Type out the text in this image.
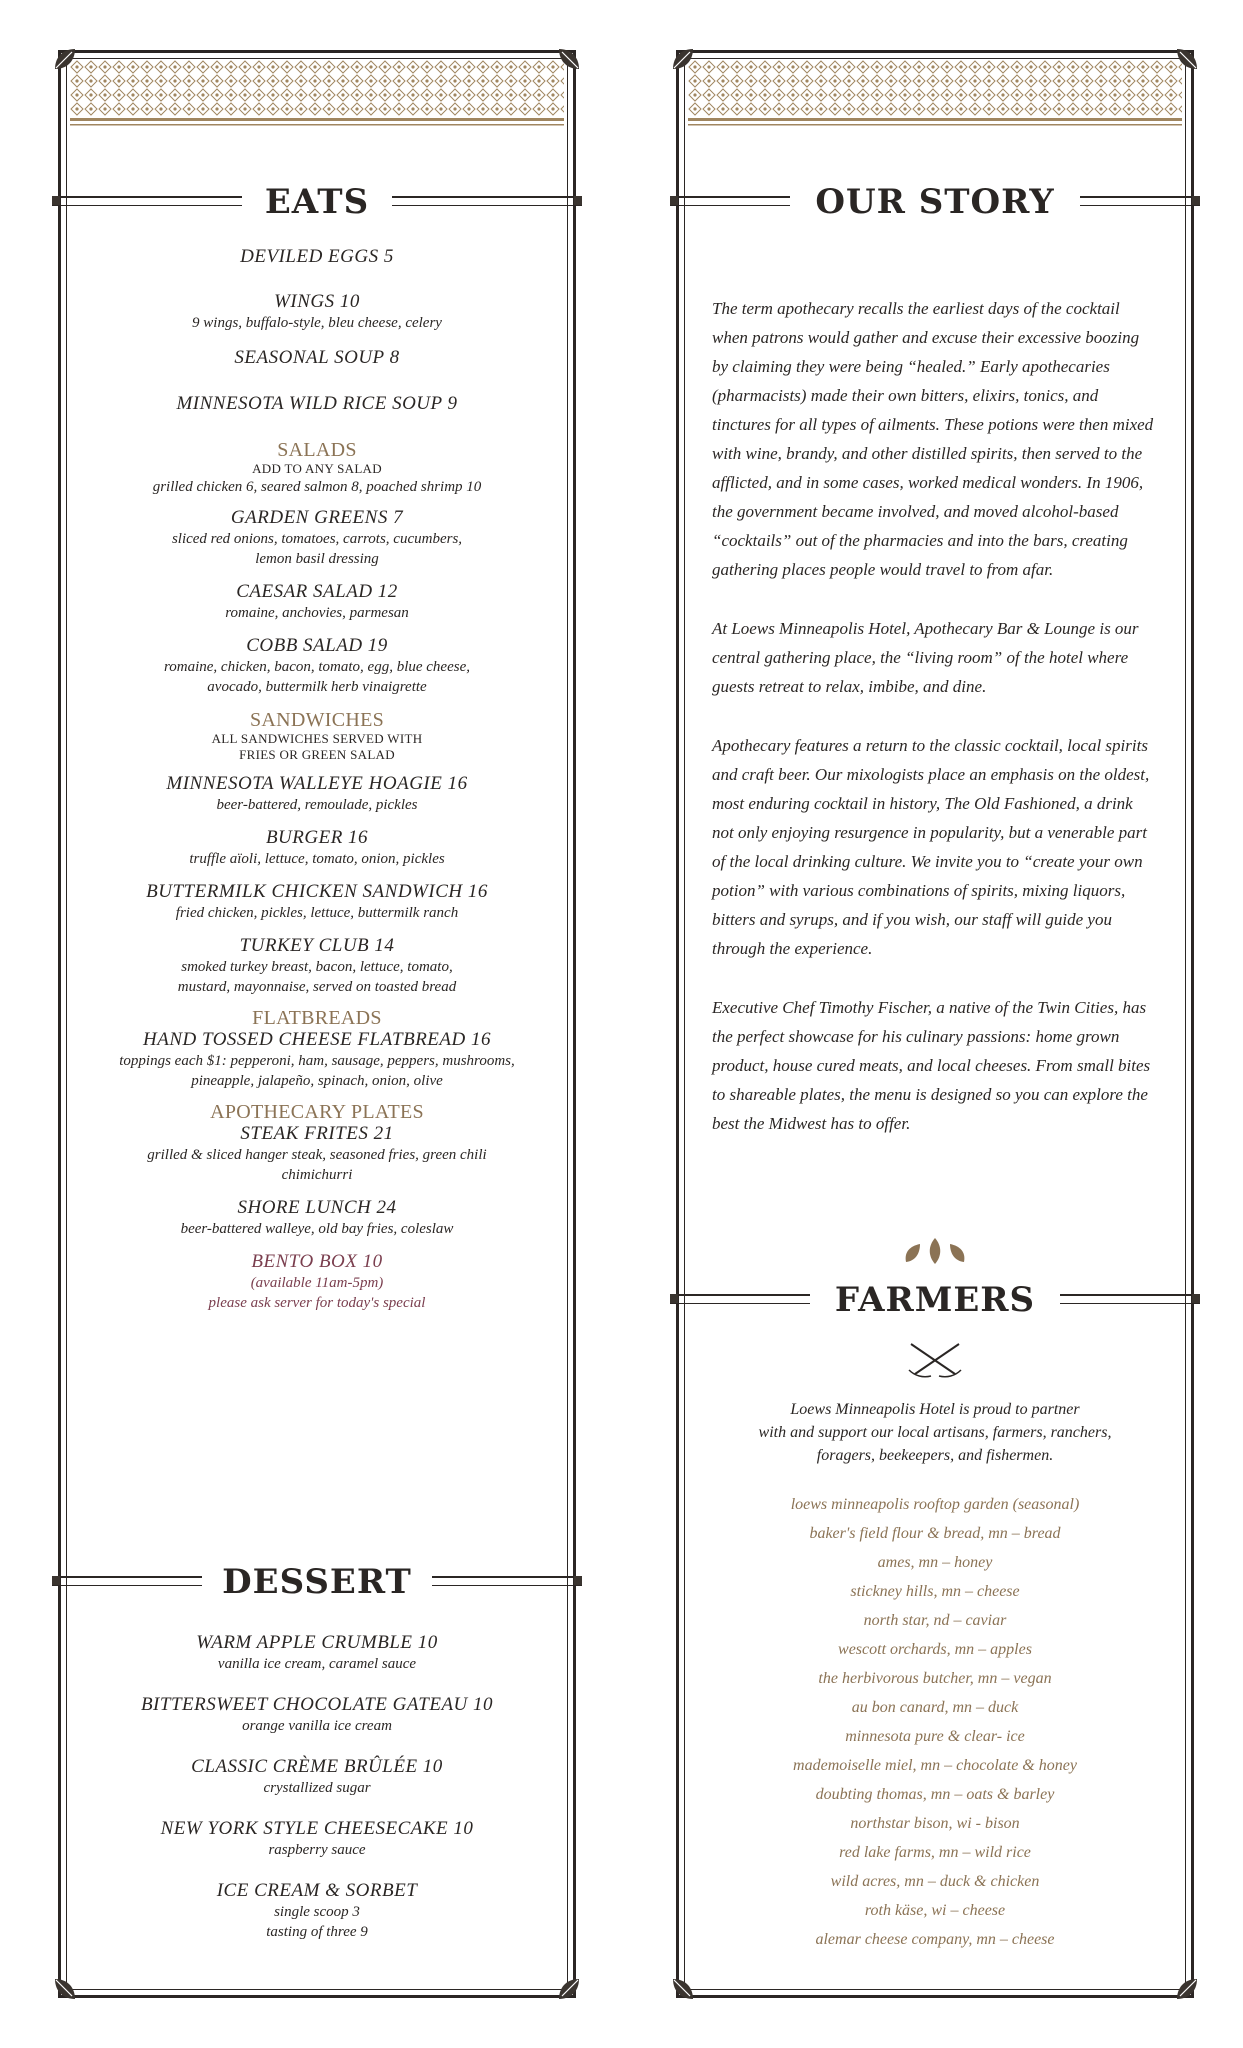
EATS
DEVILED EGGS 5
WINGS 10
9 wings, buffalo-style, bleu cheese, celery
SEASONAL SOUP 8
MINNESOTA WILD RICE SOUP 9
SALADS
ADD TO ANY SALAD
grilled chicken 6, seared salmon 8, poached shrimp 10
GARDEN GREENS 7
sliced red onions, tomatoes, carrots, cucumbers,
lemon basil dressing
CAESAR SALAD 12
romaine, anchovies, parmesan
COBB SALAD 19
romaine, chicken, bacon, tomato, egg, blue cheese,
avocado, buttermilk herb vinaigrette
SANDWICHES
ALL SANDWICHES SERVED WITH
FRIES OR GREEN SALAD
MINNESOTA WALLEYE HOAGIE 16
beer-battered, remoulade, pickles
BURGER 16
truffle aïoli, lettuce, tomato, onion, pickles
BUTTERMILK CHICKEN SANDWICH 16
fried chicken, pickles, lettuce, buttermilk ranch
TURKEY CLUB 14
smoked turkey breast, bacon, lettuce, tomato,
mustard, mayonnaise, served on toasted bread
FLATBREADS
HAND TOSSED CHEESE FLATBREAD 16
toppings each $1: pepperoni, ham, sausage, peppers, mushrooms,
pineapple, jalapeño, spinach, onion, olive
APOTHECARY PLATES
STEAK FRITES 21
grilled & sliced hanger steak, seasoned fries, green chili
chimichurri
SHORE LUNCH 24
beer-battered walleye, old bay fries, coleslaw
BENTO BOX 10
(available 11am-5pm)
please ask server for today's special
DESSERT
WARM APPLE CRUMBLE 10
vanilla ice cream, caramel sauce
BITTERSWEET CHOCOLATE GATEAU 10
orange vanilla ice cream
CLASSIC CRÈME BRÛLÉE 10
crystallized sugar
NEW YORK STYLE CHEESECAKE 10
raspberry sauce
ICE CREAM & SORBET
single scoop 3
tasting of three 9
OUR STORY

The term apothecary recalls the earliest days of the cocktail when patrons would gather and excuse their excessive boozing by claiming they were being “healed.” Early apothecaries (pharmacists) made their own bitters, elixirs, tonics, and tinctures for all types of ailments. These potions were then mixed with wine, brandy, and other distilled spirits, then served to the afflicted, and in some cases, worked medical wonders. In 1906, the government became involved, and moved alcohol-based “cocktails” out of the pharmacies and into the bars, creating gathering places people would travel to from afar.

At Loews Minneapolis Hotel, Apothecary Bar & Lounge is our central gathering place, the “living room” of the hotel where guests retreat to relax, imbibe, and dine.

Apothecary features a return to the classic cocktail, local spirits and craft beer. Our mixologists place an emphasis on the oldest, most enduring cocktail in history, The Old Fashioned, a drink not only enjoying resurgence in popularity, but a venerable part of the local drinking culture. We invite you to “create your own potion” with various combinations of spirits, mixing liquors, bitters and syrups, and if you wish, our staff will guide you through the experience.

Executive Chef Timothy Fischer, a native of the Twin Cities, has the perfect showcase for his culinary passions: home grown product, house cured meats, and local cheeses. From small bites to shareable plates, the menu is designed so you can explore the best the Midwest has to offer.

FARMERS
Loews Minneapolis Hotel is proud to partner
with and support our local artisans, farmers, ranchers,
foragers, beekeepers, and fishermen.
loews minneapolis rooftop garden (seasonal)
baker's field flour & bread, mn – bread
ames, mn – honey
stickney hills, mn – cheese
north star, nd – caviar
wescott orchards, mn – apples
the herbivorous butcher, mn – vegan
au bon canard, mn – duck
minnesota pure & clear- ice
mademoiselle miel, mn – chocolate & honey
doubting thomas, mn – oats & barley
northstar bison, wi - bison
red lake farms, mn – wild rice
wild acres, mn – duck & chicken
roth käse, wi – cheese
alemar cheese company, mn – cheese
